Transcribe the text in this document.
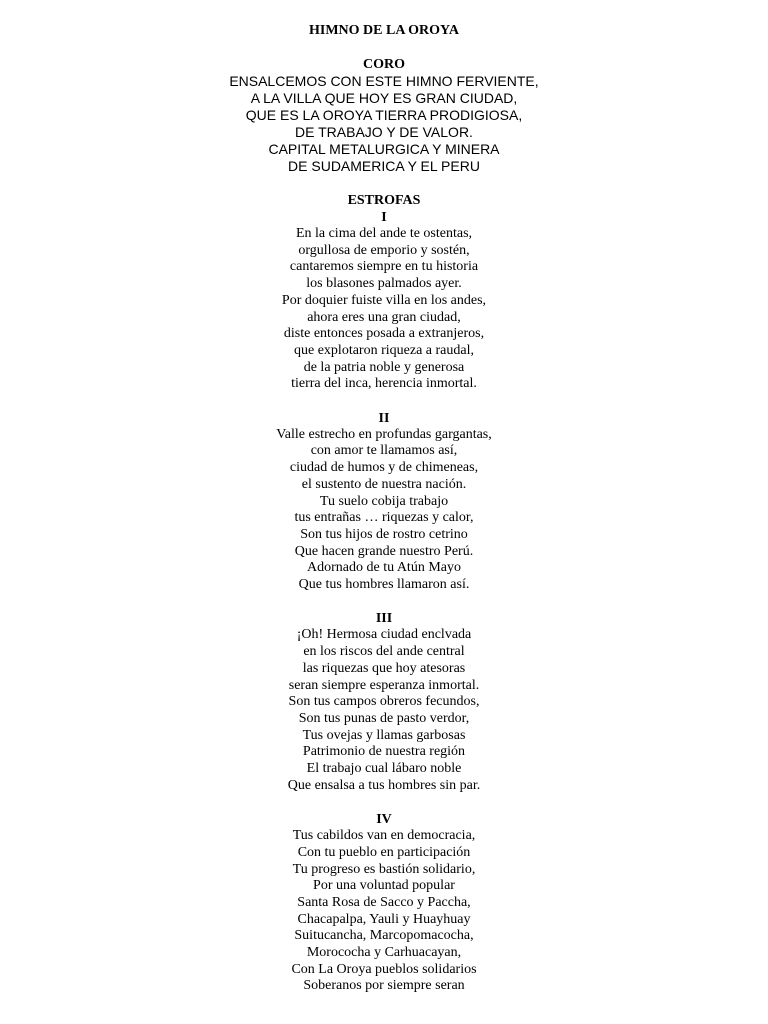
HIMNO DE LA OROYA
CORO
ENSALCEMOS CON ESTE HIMNO FERVIENTE,
A LA VILLA QUE HOY ES GRAN CIUDAD,
QUE ES LA OROYA TIERRA PRODIGIOSA,
DE TRABAJO Y DE VALOR.
CAPITAL METALURGICA Y MINERA
DE SUDAMERICA Y EL PERU
ESTROFAS
I
En la cima del ande te ostentas,
orgullosa de emporio y sostén,
cantaremos siempre en tu historia
los blasones palmados ayer.
Por doquier fuiste villa en los andes,
ahora eres una gran ciudad,
diste entonces posada a extranjeros,
que explotaron riqueza a raudal,
de la patria noble y generosa
tierra del inca, herencia inmortal.
II
Valle estrecho en profundas gargantas,
con amor te llamamos así,
ciudad de humos y de chimeneas,
el sustento de nuestra nación.
Tu suelo cobija trabajo
tus entrañas … riquezas y calor,
Son tus hijos de rostro cetrino
Que hacen grande nuestro Perú.
Adornado de tu Atún Mayo
Que tus hombres llamaron así.
III
¡Oh! Hermosa ciudad enclvada
en los riscos del ande central
las riquezas que hoy atesoras
seran siempre esperanza inmortal.
Son tus campos obreros fecundos,
Son tus punas de pasto verdor,
Tus ovejas y llamas garbosas
Patrimonio de nuestra región
El trabajo cual lábaro noble
Que ensalsa a tus hombres sin par.
IV
Tus cabildos van en democracia,
Con tu pueblo en participación
Tu progreso es bastión solidario,
Por una voluntad popular
Santa Rosa de Sacco y Paccha,
Chacapalpa, Yauli y Huayhuay
Suitucancha, Marcopomacocha,
Morococha y Carhuacayan,
Con La Oroya pueblos solidarios
Soberanos por siempre seran
